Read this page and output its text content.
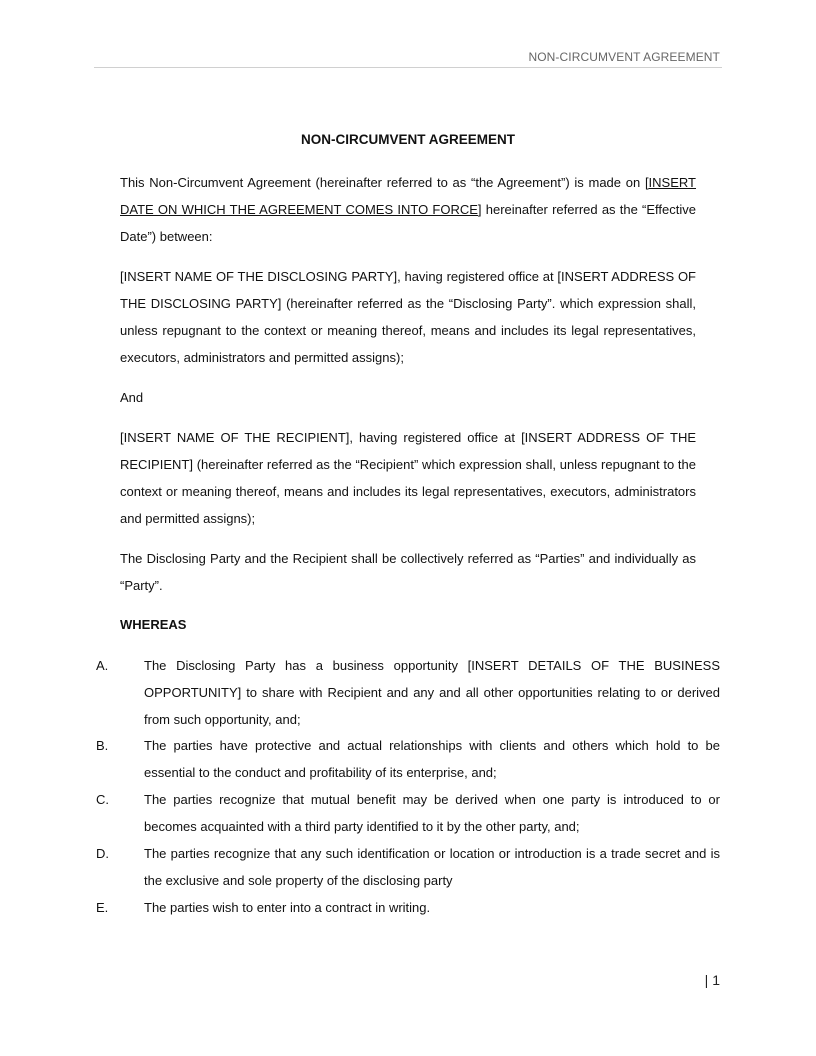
NON-CIRCUMVENT AGREEMENT
NON-CIRCUMVENT AGREEMENT
This Non-Circumvent Agreement (hereinafter referred to as “the Agreement”) is made on [INSERT DATE ON WHICH THE AGREEMENT COMES INTO FORCE] hereinafter referred as the “Effective Date”) between:
[INSERT NAME OF THE DISCLOSING PARTY], having registered office at [INSERT ADDRESS OF THE DISCLOSING PARTY] (hereinafter referred as the “Disclosing Party”. which expression shall, unless repugnant to the context or meaning thereof, means and includes its legal representatives, executors, administrators and permitted assigns);
And
[INSERT NAME OF THE RECIPIENT], having registered office at [INSERT ADDRESS OF THE RECIPIENT] (hereinafter referred as the “Recipient” which expression shall, unless repugnant to the context or meaning thereof, means and includes its legal representatives, executors, administrators and permitted assigns);
The Disclosing Party and the Recipient shall be collectively referred as “Parties” and individually as “Party”.
WHEREAS
A.	The Disclosing Party has a business opportunity [INSERT DETAILS OF THE BUSINESS OPPORTUNITY] to share with Recipient and any and all other opportunities relating to or derived from such opportunity, and;
B.	The parties have protective and actual relationships with clients and others which hold to be essential to the conduct and profitability of its enterprise, and;
C.	The parties recognize that mutual benefit may be derived when one party is introduced to or becomes acquainted with a third party identified to it by the other party, and;
D.	The parties recognize that any such identification or location or introduction is a trade secret and is the exclusive and sole property of the disclosing party
E.	The parties wish to enter into a contract in writing.
| 1
